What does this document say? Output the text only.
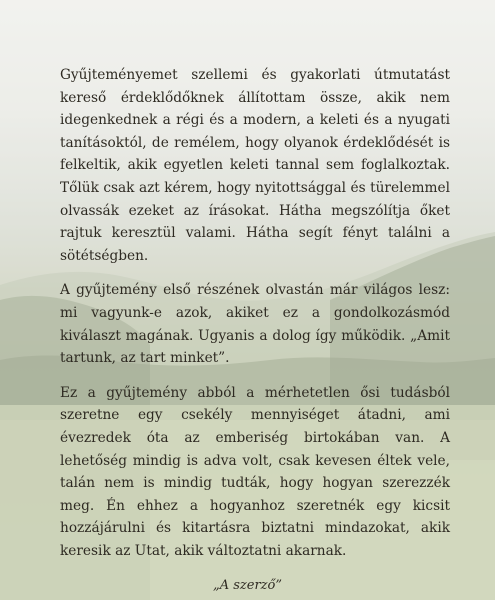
Gyűjteményemet szellemi és gyakorlati útmutatást kereső érdeklődőknek állítottam össze, akik nem idegenkednek a régi és a modern, a keleti és a nyugati tanításoktól, de remélem, hogy olyanok érdeklődését is felkeltik, akik egyetlen keleti tannal sem foglalkoztak. Tőlük csak azt kérem, hogy nyitottsággal és türelemmel olvassák ezeket az írásokat. Hátha megszólítja őket rajtuk keresztül valami. Hátha segít fényt találni a sötétségben.

A gyűjtemény első részének olvastán már világos lesz: mi vagyunk-e azok, akiket ez a gondolkozásmód kiválaszt magának. Ugyanis a dolog így működik. „Amit tartunk, az tart minket”.

Ez a gyűjtemény abból a mérhetetlen ősi tudásból szeretne egy csekély mennyiséget átadni, ami évezredek óta az emberiség birtokában van. A lehetőség mindig is adva volt, csak kevesen éltek vele, talán nem is mindig tudták, hogy hogyan szerezzék meg. Én ehhez a hogyanhoz szeretnék egy kicsit hozzájárulni és kitartásra biztatni mindazokat, akik keresik az Utat, akik változtatni akarnak.

„A szerző”
